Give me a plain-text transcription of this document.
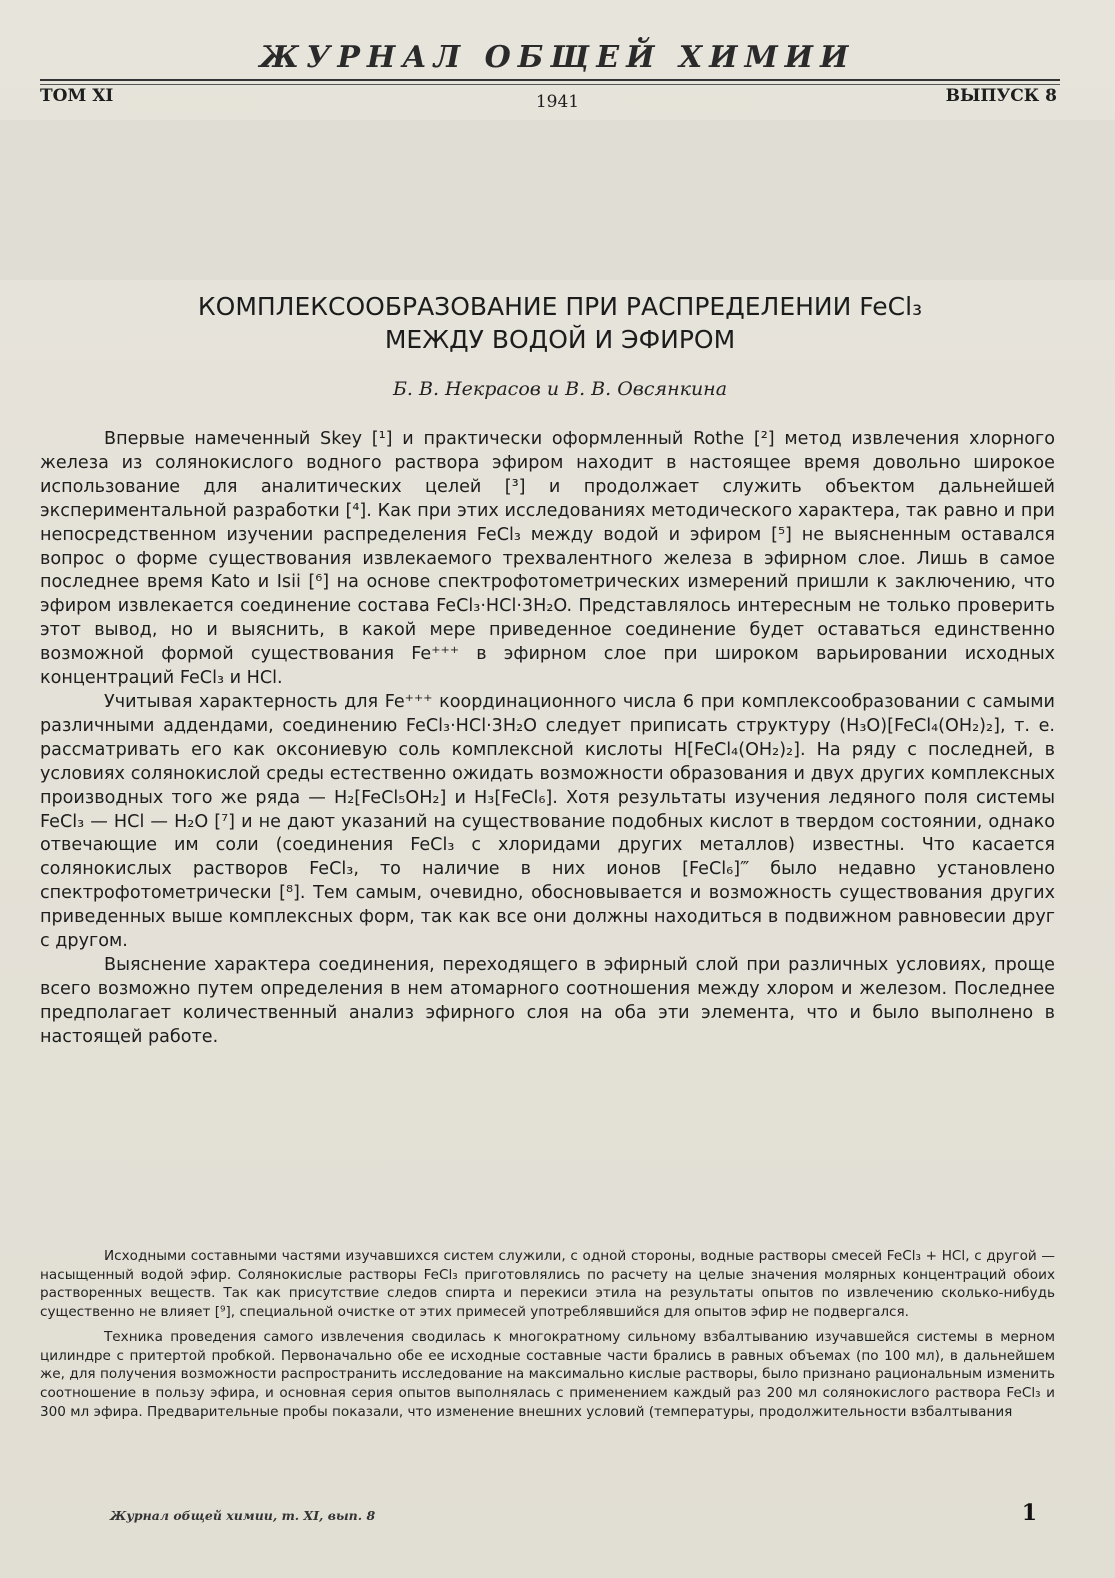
ЖУРНАЛ ОБЩЕЙ ХИМИИ
ТОМ XI	1941	ВЫПУСК 8
КОМПЛЕКСООБРАЗОВАНИЕ ПРИ РАСПРЕДЕЛЕНИИ FeCl₃
МЕЖДУ ВОДОЙ И ЭФИРОМ
Б. В. Некрасов и В. В. Овсянкина

Впервые намеченный Skey [¹] и практически оформленный Rothe [²] метод извлечения хлорного железа из солянокислого водного раствора эфиром находит в настоящее время довольно широкое использование для аналитических целей [³] и продолжает служить объектом дальнейшей экспериментальной разработки [⁴]. Как при этих исследованиях методического характера, так равно и при непосредственном изучении распределения FeCl₃ между водой и эфиром [⁵] не выясненным оставался вопрос о форме существования извлекаемого трехвалентного железа в эфирном слое. Лишь в самое последнее время Kato и Isii [⁶] на основе спектрофотометрических измерений пришли к заключению, что эфиром извлекается соединение состава FeCl₃·HCl·3H₂O. Представлялось интересным не только проверить этот вывод, но и выяснить, в какой мере приведенное соединение будет оставаться единственно возможной формой существования Fe⁺⁺⁺ в эфирном слое при широком варьировании исходных концентраций FeCl₃ и HCl.

Учитывая характерность для Fe⁺⁺⁺ координационного числа 6 при комплексообразовании с самыми различными аддендами, соединению FeCl₃·HCl·3H₂O следует приписать структуру (H₃O)[FeCl₄(OH₂)₂], т. е. рассматривать его как оксониевую соль комплексной кислоты H[FeCl₄(OH₂)₂]. На ряду с последней, в условиях солянокислой среды естественно ожидать возможности образования и двух других комплексных производных того же ряда — H₂[FeCl₅OH₂] и H₃[FeCl₆]. Хотя результаты изучения ледяного поля системы FeCl₃ — HCl — H₂O [⁷] и не дают указаний на существование подобных кислот в твердом состоянии, однако отвечающие им соли (соединения FeCl₃ с хлоридами других металлов) известны. Что касается солянокислых растворов FeCl₃, то наличие в них ионов [FeCl₆]‴ было недавно установлено спектрофотометрически [⁸]. Тем самым, очевидно, обосновывается и возможность существования других приведенных выше комплексных форм, так как все они должны находиться в подвижном равновесии друг с другом.

Выяснение характера соединения, переходящего в эфирный слой при различных условиях, проще всего возможно путем определения в нем атомарного соотношения между хлором и железом. Последнее предполагает количественный анализ эфирного слоя на оба эти элемента, что и было выполнено в настоящей работе.

Исходными составными частями изучавшихся систем служили, с одной стороны, водные растворы смесей FeCl₃ + HCl, с другой — насыщенный водой эфир. Солянокислые растворы FeCl₃ приготовлялись по расчету на целые значения молярных концентраций обоих растворенных веществ. Так как присутствие следов спирта и перекиси этила на результаты опытов по извлечению сколько-нибудь существенно не влияет [⁹], специальной очистке от этих примесей употреблявшийся для опытов эфир не подвергался.

Техника проведения самого извлечения сводилась к многократному сильному взбалтыванию изучавшейся системы в мерном цилиндре с притертой пробкой. Первоначально обе ее исходные составные части брались в равных объемах (по 100 мл), в дальнейшем же, для получения возможности распространить исследование на максимально кислые растворы, было признано рациональным изменить соотношение в пользу эфира, и основная серия опытов выполнялась с применением каждый раз 200 мл солянокислого раствора FeCl₃ и 300 мл эфира. Предварительные пробы показали, что изменение внешних условий (температуры, продолжительности взбалтывания

Журнал общей химии, т. XI, вып. 8	1
